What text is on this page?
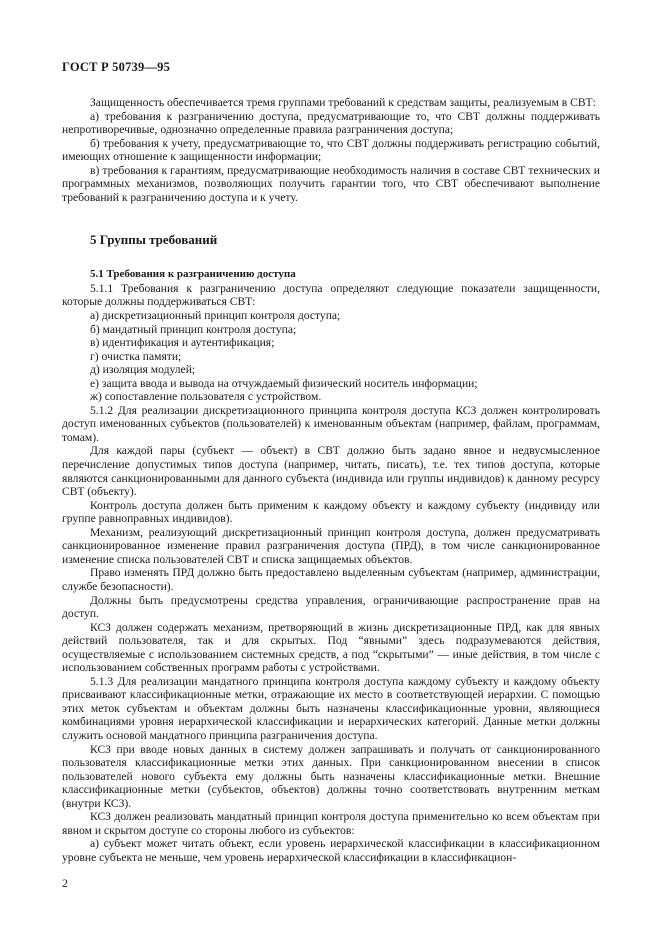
ГОСТ Р 50739—95

Защищенность обеспечивается тремя группами требований к средствам защиты, реализуемым в СВТ:

а) требования к разграничению доступа, предусматривающие то, что СВТ должны поддерживать непротиворечивые, однозначно определенные правила разграничения доступа;

б) требования к учету, предусматривающие то, что СВТ должны поддерживать регистрацию событий, имеющих отношение к защищенности информации;

в) требования к гарантиям, предусматривающие необходимость наличия в составе СВТ технических и программных механизмов, позволяющих получить гарантии того, что СВТ обеспечивают выполнение требований к разграничению доступа и к учету.

5 Группы требований

5.1 Требования к разграничению доступа

5.1.1 Требования к разграничению доступа определяют следующие показатели защищенности, которые должны поддерживаться СВТ:

а) дискретизационный принцип контроля доступа;

б) мандатный принцип контроля доступа;

в) идентификация и аутентификация;

г) очистка памяти;

д) изоляция модулей;

е) защита ввода и вывода на отчуждаемый физический носитель информации;

ж) сопоставление пользователя с устройством.

5.1.2 Для реализации дискретизационного принципа контроля доступа КСЗ должен контролировать доступ именованных субъектов (пользователей) к именованным объектам (например, файлам, программам, томам).

Для каждой пары (субъект — объект) в СВТ должно быть задано явное и недвусмысленное перечисление допустимых типов доступа (например, читать, писать), т.е. тех типов доступа, которые являются санкционированными для данного субъекта (индивида или группы индивидов) к данному ресурсу СВТ (объекту).

Контроль доступа должен быть применим к каждому объекту и каждому субъекту (индивиду или группе равноправных индивидов).

Механизм, реализующий дискретизационный принцип контроля доступа, должен предусматривать санкционированное изменение правил разграничения доступа (ПРД), в том числе санкционированное изменение списка пользователей СВТ и списка защищаемых объектов.

Право изменять ПРД должно быть предоставлено выделенным субъектам (например, администрации, службе безопасности).

Должны быть предусмотрены средства управления, ограничивающие распространение прав на доступ.

КСЗ должен содержать механизм, претворяющий в жизнь дискретизационные ПРД, как для явных действий пользователя, так и для скрытых. Под “явными” здесь подразумеваются действия, осуществляемые с использованием системных средств, а под “скрытыми” — иные действия, в том числе с использованием собственных программ работы с устройствами.

5.1.3 Для реализации мандатного принципа контроля доступа каждому субъекту и каждому объекту присваивают классификационные метки, отражающие их место в соответствующей иерархии. С помощью этих меток субъектам и объектам должны быть назначены классификационные уровни, являющиеся комбинациями уровня иерархической классификации и иерархических категорий. Данные метки должны служить основой мандатного принципа разграничения доступа.

КСЗ при вводе новых данных в систему должен запрашивать и получать от санкционированного пользователя классификационные метки этих данных. При санкционированном внесении в список пользователей нового субъекта ему должны быть назначены классификационные метки. Внешние классификационные метки (субъектов, объектов) должны точно соответствовать внутренним меткам (внутри КСЗ).

КСЗ должен реализовать мандатный принцип контроля доступа применительно ко всем объектам при явном и скрытом доступе со стороны любого из субъектов:

а) субъект может читать объект, если уровень иерархической классификации в классификационном уровне субъекта не меньше, чем уровень иерархической классификации в классификацион-

2
